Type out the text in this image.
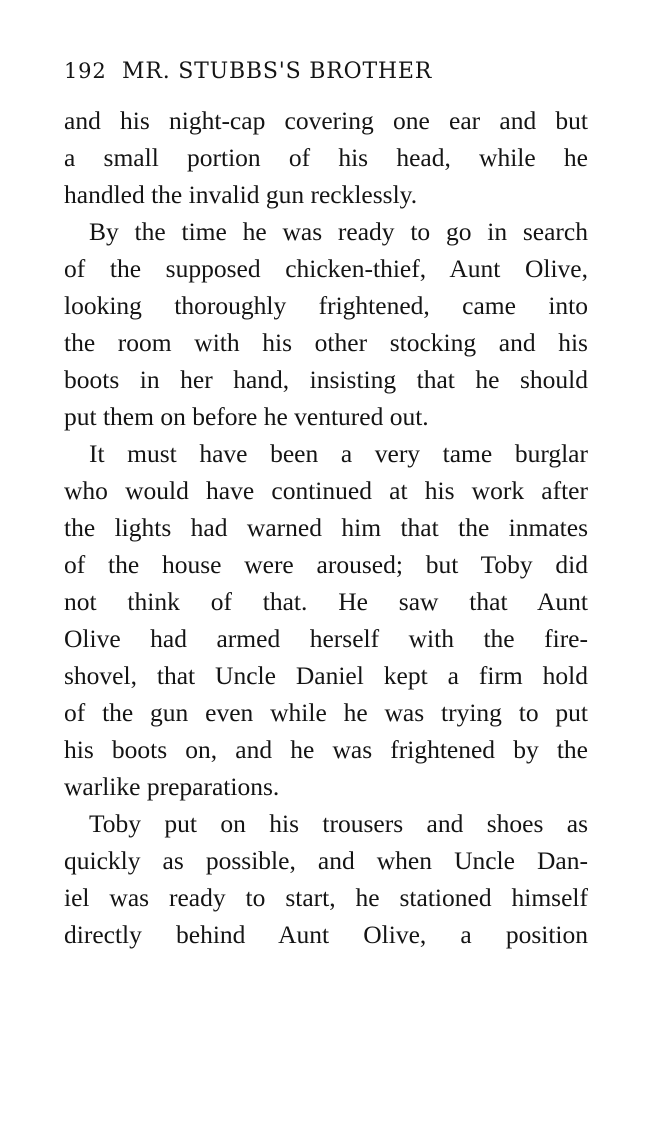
192 MR. STUBBS'S BROTHER
and his night-cap covering one ear and but
a small portion of his head, while he
handled the invalid gun recklessly.
By the time he was ready to go in search
of the supposed chicken-thief, Aunt Olive,
looking thoroughly frightened, came into
the room with his other stocking and his
boots in her hand, insisting that he should
put them on before he ventured out.
It must have been a very tame burglar
who would have continued at his work after
the lights had warned him that the inmates
of the house were aroused; but Toby did
not think of that. He saw that Aunt
Olive had armed herself with the fire-
shovel, that Uncle Daniel kept a firm hold
of the gun even while he was trying to put
his boots on, and he was frightened by the
warlike preparations.
Toby put on his trousers and shoes as
quickly as possible, and when Uncle Dan-
iel was ready to start, he stationed himself
directly behind Aunt Olive, a position
